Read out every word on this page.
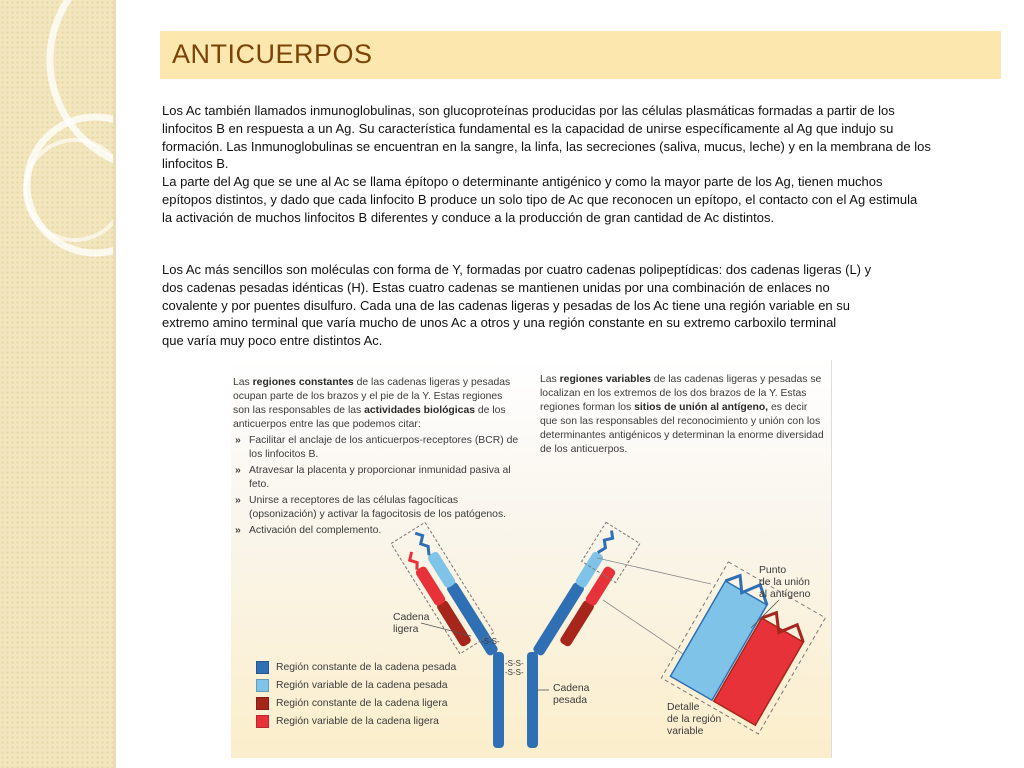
ANTICUERPOS
Los Ac también llamados inmunoglobulinas, son glucoproteínas producidas por las células plasmáticas formadas a partir de los
linfocitos B en respuesta a un Ag. Su característica fundamental es la capacidad de unirse específicamente al Ag que indujo su
formación. Las Inmunoglobulinas se encuentran en la sangre, la linfa, las secreciones (saliva, mucus, leche) y en la membrana de los
linfocitos B.
La parte del Ag que se une al Ac se llama építopo o determinante antigénico y como la mayor parte de los Ag, tienen muchos
epítopos distintos, y dado que cada linfocito B produce un solo tipo de Ac que reconocen un epítopo, el contacto con el Ag estimula
la activación de muchos linfocitos B diferentes y conduce a la producción de gran cantidad de Ac distintos.
Los Ac más sencillos son moléculas con forma de Y, formadas por cuatro cadenas polipeptídicas: dos cadenas ligeras (L) y
dos cadenas pesadas idénticas (H). Estas cuatro cadenas se mantienen unidas por una combinación de enlaces no
covalente y por puentes disulfuro. Cada una de las cadenas ligeras y pesadas de los Ac tiene una región variable en su
extremo amino terminal que varía mucho de unos Ac a otros y una región constante en su extremo carboxilo terminal
que varía muy poco entre distintos Ac.
Las regiones constantes de las cadenas ligeras y pesadas ocupan parte de los brazos y el pie de la Y. Estas regiones son las responsables de las actividades biológicas de los anticuerpos entre las que podemos citar:
» Facilitar el anclaje de los anticuerpos-receptores (BCR) de los linfocitos B.
» Atravesar la placenta y proporcionar inmunidad pasiva al feto.
» Unirse a receptores de las células fagocíticas (opsonización) y activar la fagocitosis de los patógenos.
» Activación del complemento.
Las regiones variables de las cadenas ligeras y pesadas se localizan en los extremos de los dos brazos de la Y. Estas regiones forman los sitios de unión al antígeno, es decir que son las responsables del reconocimiento y unión con los determinantes antigénicos y determinan la enorme diversidad de los anticuerpos.
Cadena
ligera
Cadena
pesada
Punto
de la unión
al antígeno
Detalle
de la región
variable
-S-S-
-S-S-
-S-S-
Región constante de la cadena pesada
Región variable de la cadena pesada
Región constante de la cadena ligera
Región variable de la cadena ligera
